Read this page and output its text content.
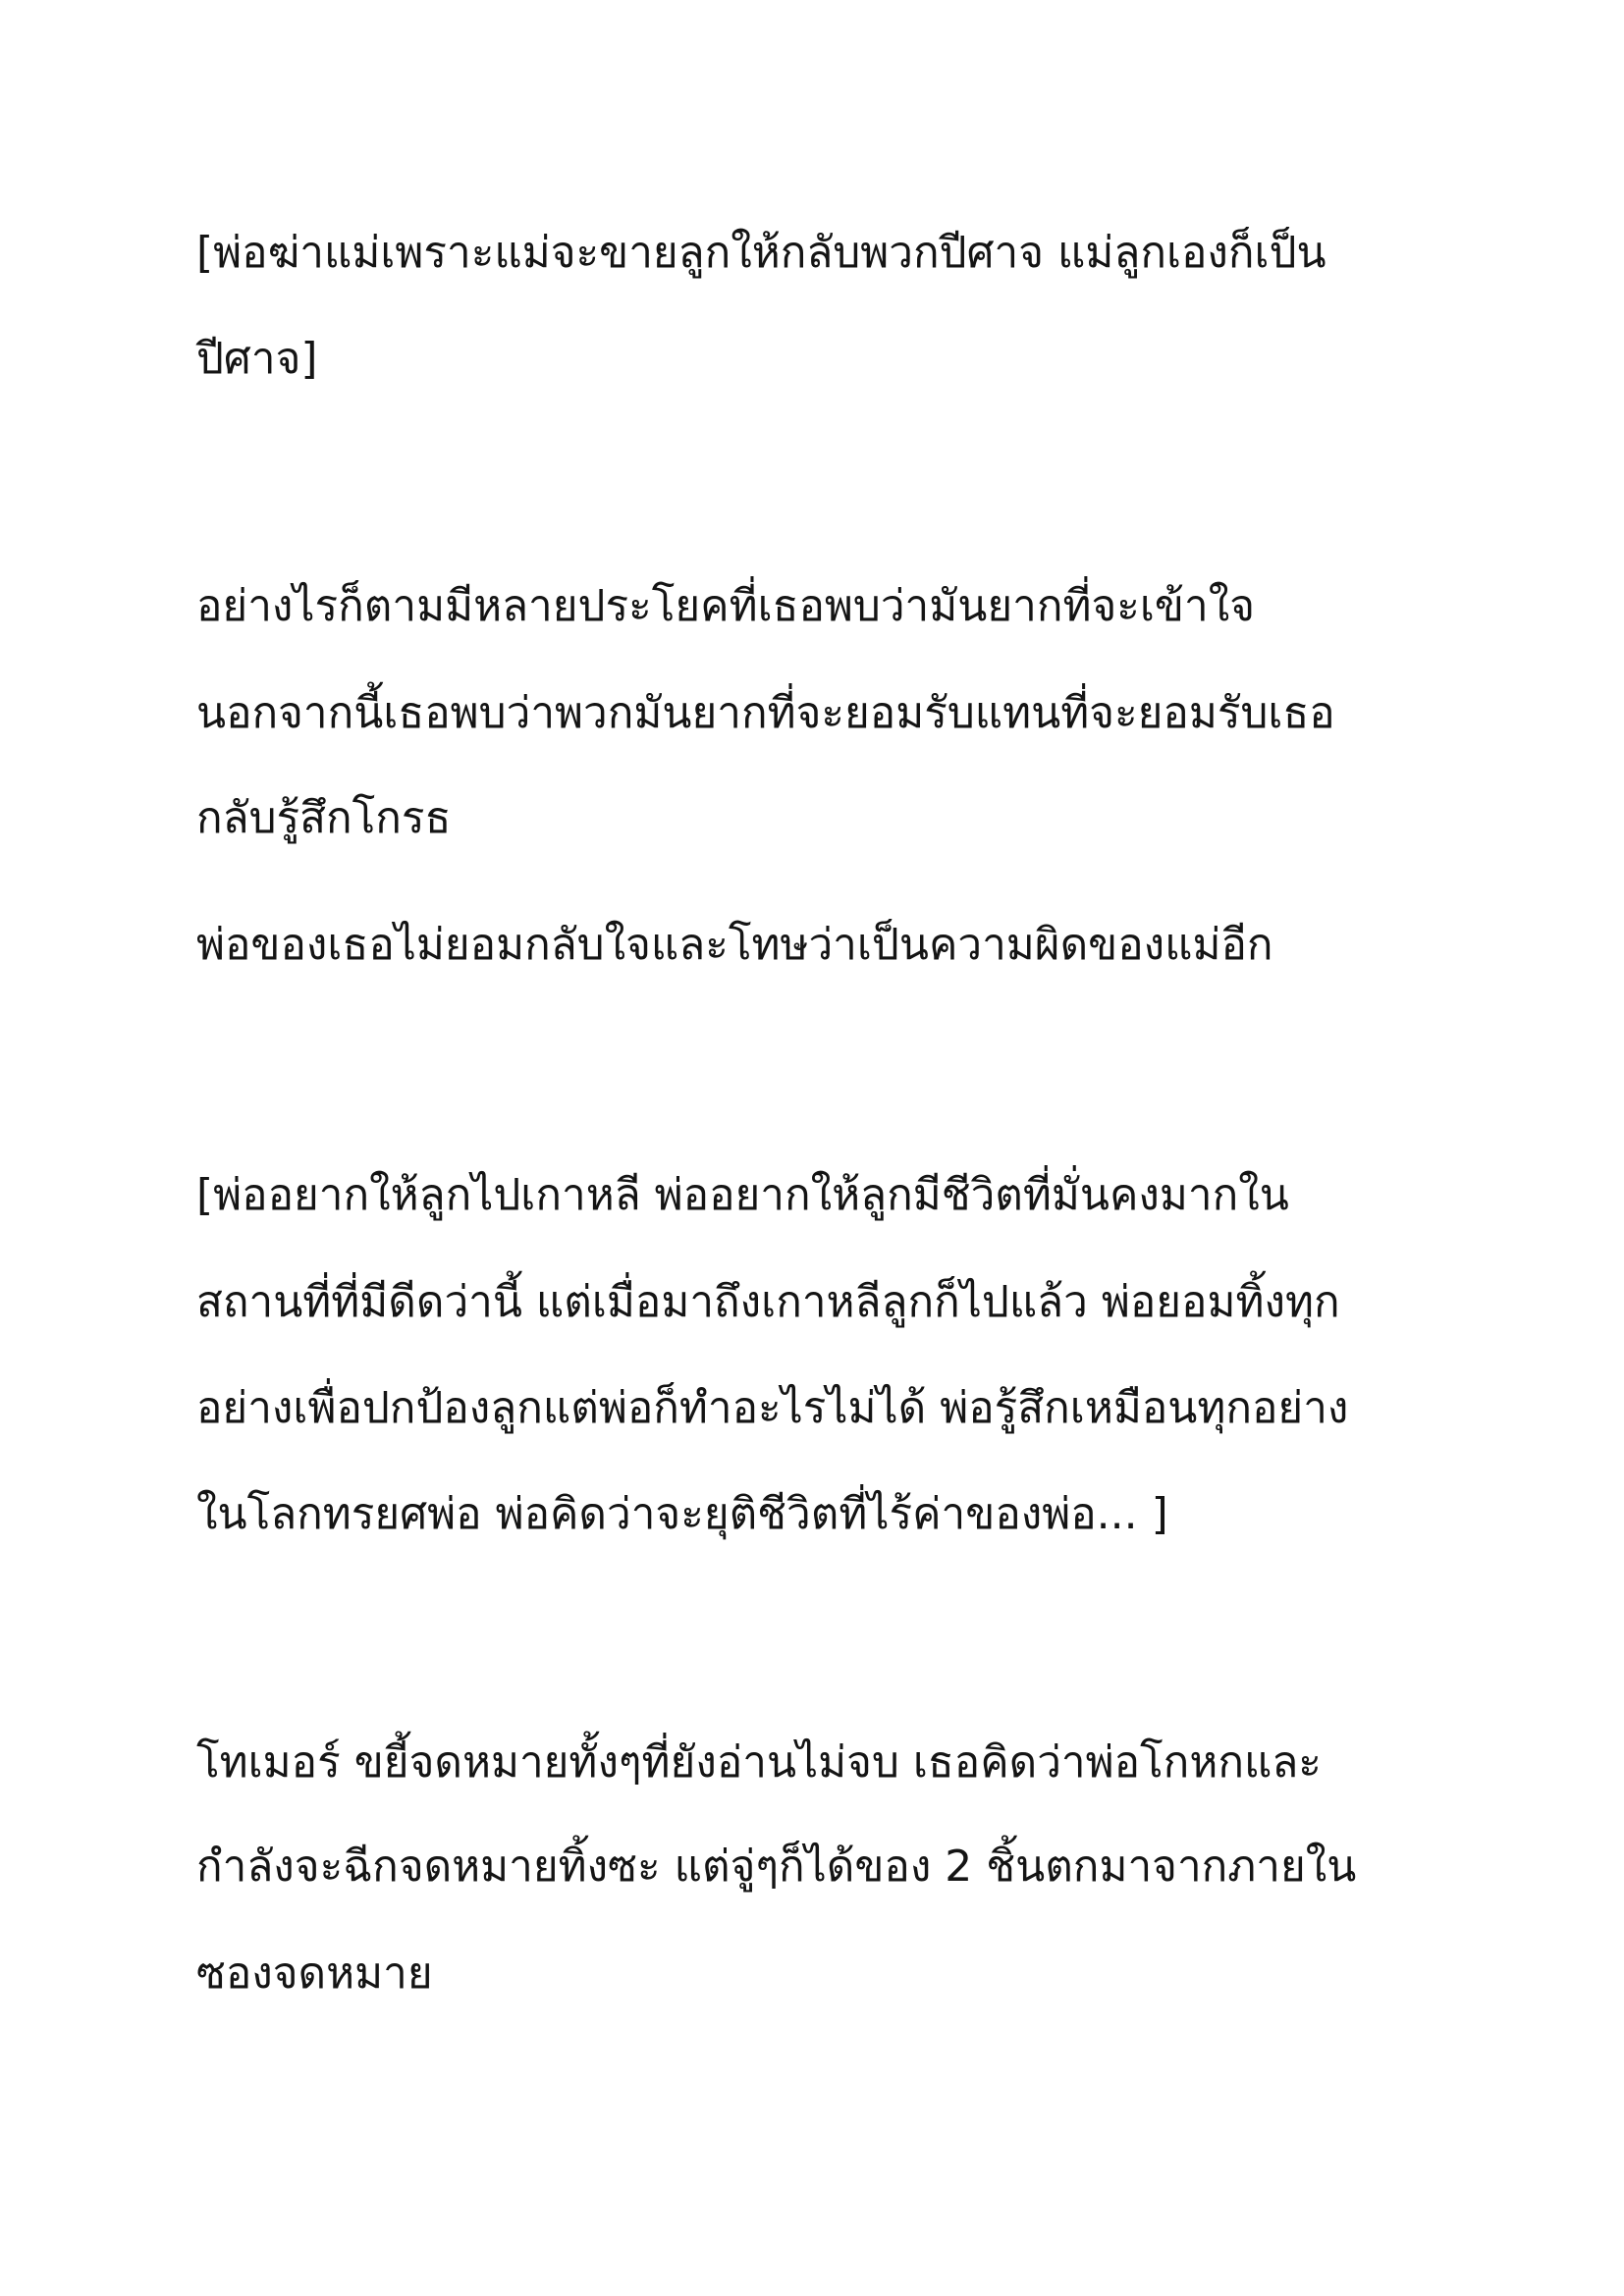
[พ่อฆ่าแม่เพราะแม่จะขายลูกให้กลับพวกปีศาจ แม่ลูกเองก็เป็น

ปีศาจ]

อย่างไรก็ตามมีหลายประโยคที่เธอพบว่ามันยากที่จะเข้าใจ

นอกจากนี้เธอพบว่าพวกมันยากที่จะยอมรับแทนที่จะยอมรับเธอ

กลับรู้สึกโกรธ

พ่อของเธอไม่ยอมกลับใจและโทษว่าเป็นความผิดของแม่อีก

[พ่ออยากให้ลูกไปเกาหลี พ่ออยากให้ลูกมีชีวิตที่มั่นคงมากใน

สถานที่ที่มีดีดว่านี้ แต่เมื่อมาถึงเกาหลีลูกก็ไปแล้ว พ่อยอมทิ้งทุก

อย่างเพื่อปกป้องลูกแต่พ่อก็ทำอะไรไม่ได้ พ่อรู้สึกเหมือนทุกอย่าง

ในโลกทรยศพ่อ พ่อคิดว่าจะยุติชีวิตที่ไร้ค่าของพ่อ... ]

โทเมอร์ ขยี้จดหมายทั้งๆที่ยังอ่านไม่จบ เธอคิดว่าพ่อโกหกและ

กำลังจะฉีกจดหมายทิ้งซะ แต่จู่ๆก็ได้ของ 2 ชิ้นตกมาจากภายใน

ซองจดหมาย
